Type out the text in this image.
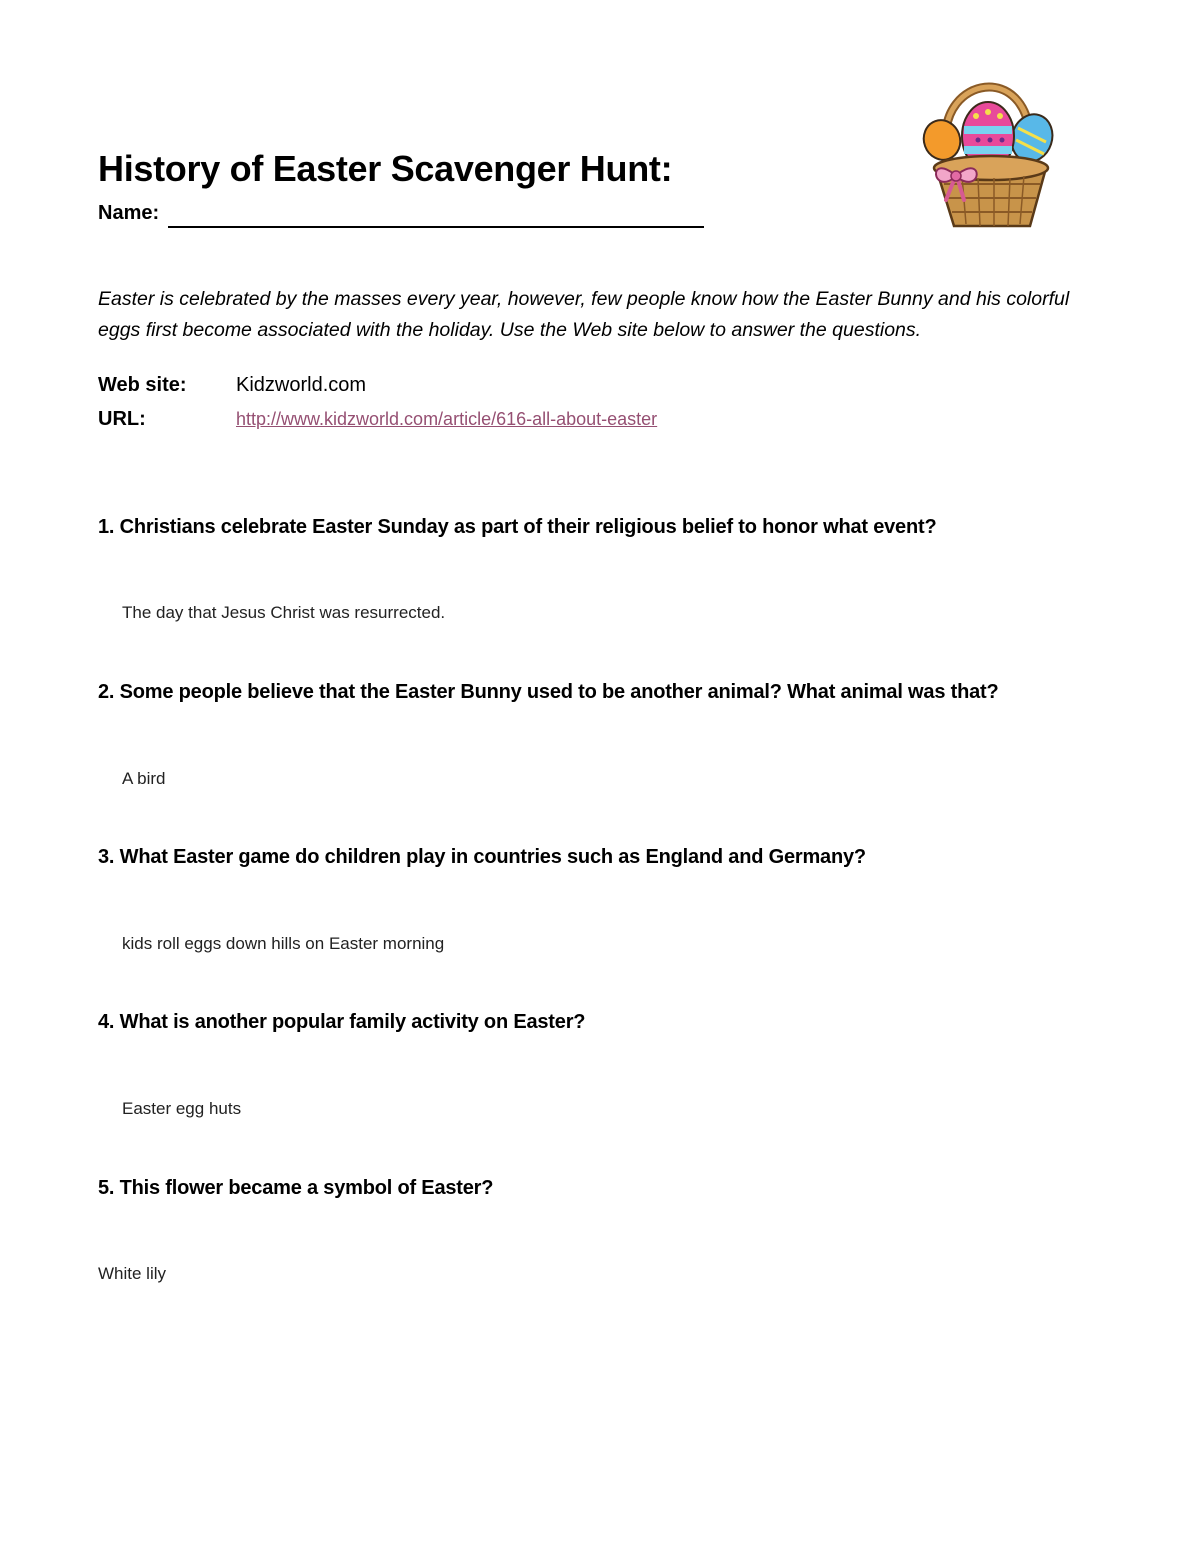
History of Easter Scavenger Hunt:
Name:
Easter is celebrated by the masses every year, however, few people know how the Easter Bunny and his colorful eggs first become associated with the holiday. Use the Web site below to answer the questions.
Web site: Kidzworld.com
URL:	http://www.kidzworld.com/article/616-all-about-easter
1. Christians celebrate Easter Sunday as part of their religious belief to honor what event?
The day that Jesus Christ was resurrected.
2. Some people believe that the Easter Bunny used to be another animal? What animal was that?
A bird
3. What Easter game do children play in countries such as England and Germany?
kids roll eggs down hills on Easter morning
4. What is another popular family activity on Easter?
Easter egg huts
5. This flower became a symbol of Easter?
White lily
